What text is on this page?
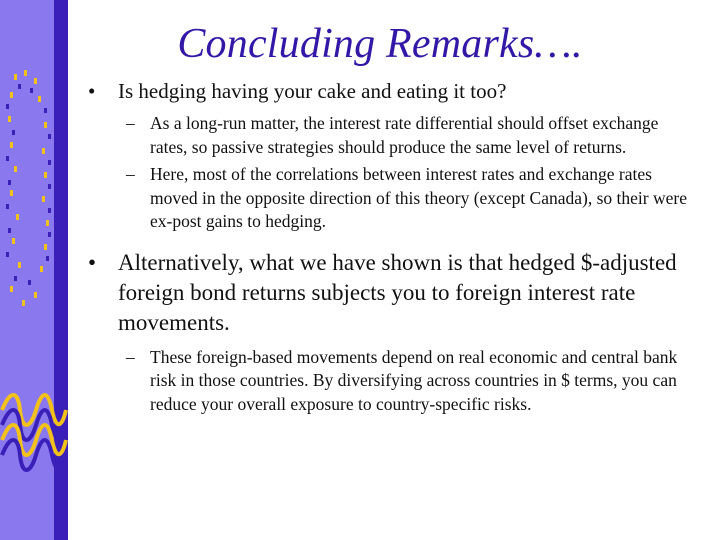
Concluding Remarks….
• Is hedging having your cake and eating it too?
– As a long-run matter, the interest rate differential should offset exchange rates, so passive strategies should produce the same level of returns.
– Here, most of the correlations between interest rates and exchange rates moved in the opposite direction of this theory (except Canada), so their were ex-post gains to hedging.
• Alternatively, what we have shown is that hedged $-adjusted foreign bond returns subjects you to foreign interest rate movements.
– These foreign-based movements depend on real economic and central bank risk in those countries. By diversifying across countries in $ terms, you can reduce your overall exposure to country-specific risks.
